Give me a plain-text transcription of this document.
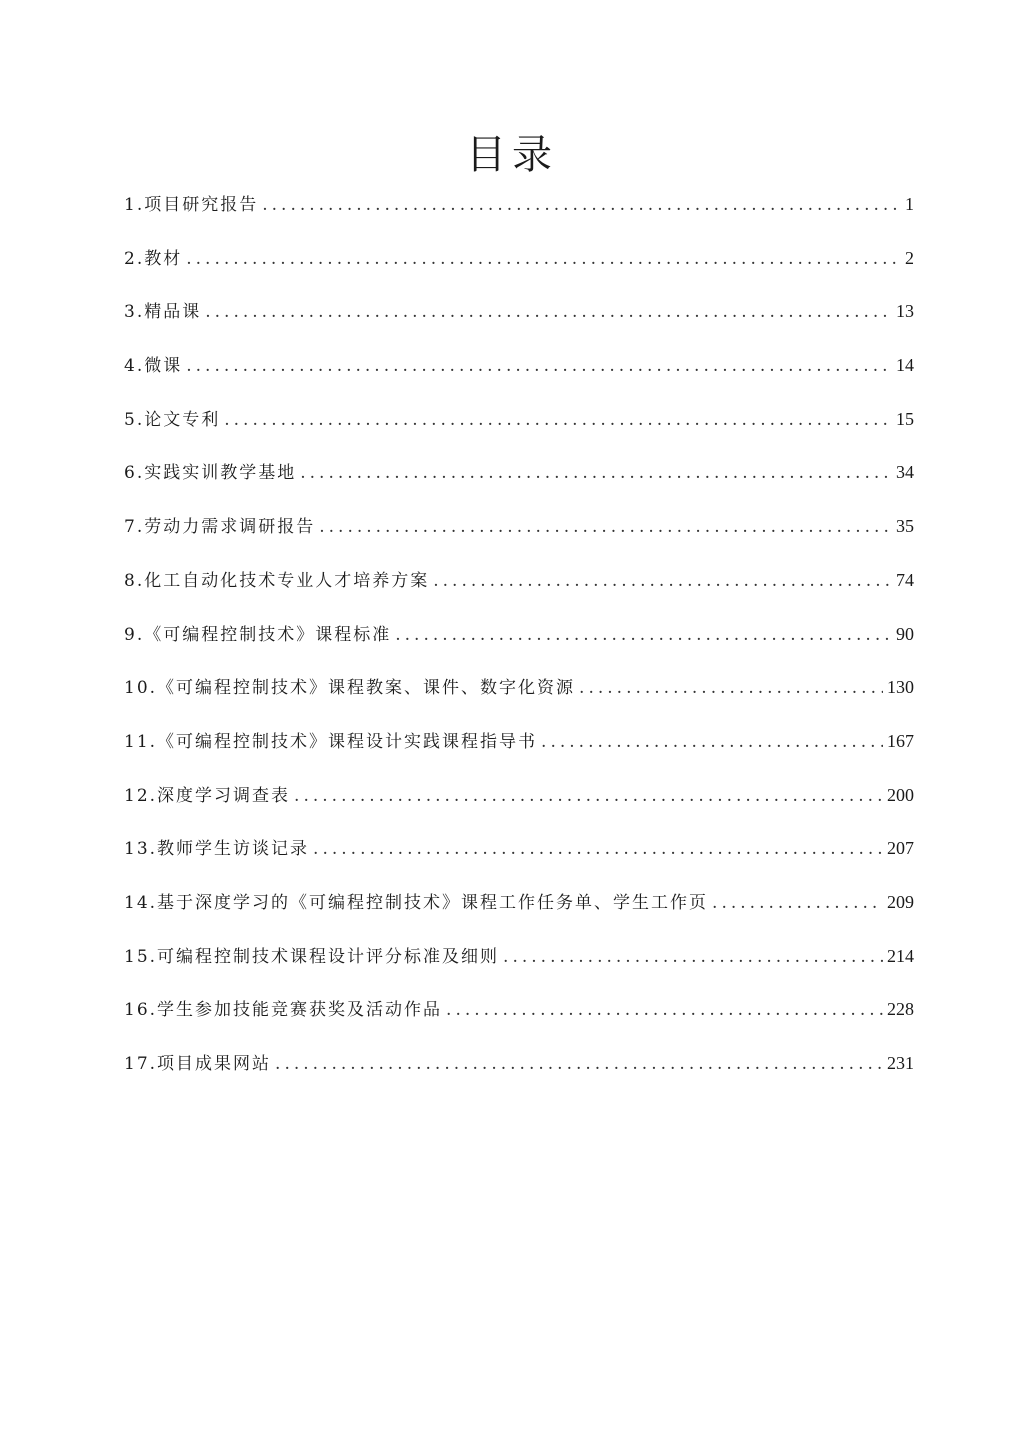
目录
1.项目研究报告 .....	1
2.教材 .....	2
3.精品课 .....	13
4.微课 .....	14
5.论文专利 .....	15
6.实践实训教学基地 .....	34
7.劳动力需求调研报告 .....	35
8.化工自动化技术专业人才培养方案 .....	74
9.《可编程控制技术》课程标准 .....	90
10.《可编程控制技术》课程教案、课件、数字化资源 .....	130
11.《可编程控制技术》课程设计实践课程指导书 .....	167
12.深度学习调查表 .....	200
13.教师学生访谈记录 .....	207
14.基于深度学习的《可编程控制技术》课程工作任务单、学生工作页 .....	209
15.可编程控制技术课程设计评分标准及细则 .....	214
16.学生参加技能竞赛获奖及活动作品 .....	228
17.项目成果网站 .....	231
